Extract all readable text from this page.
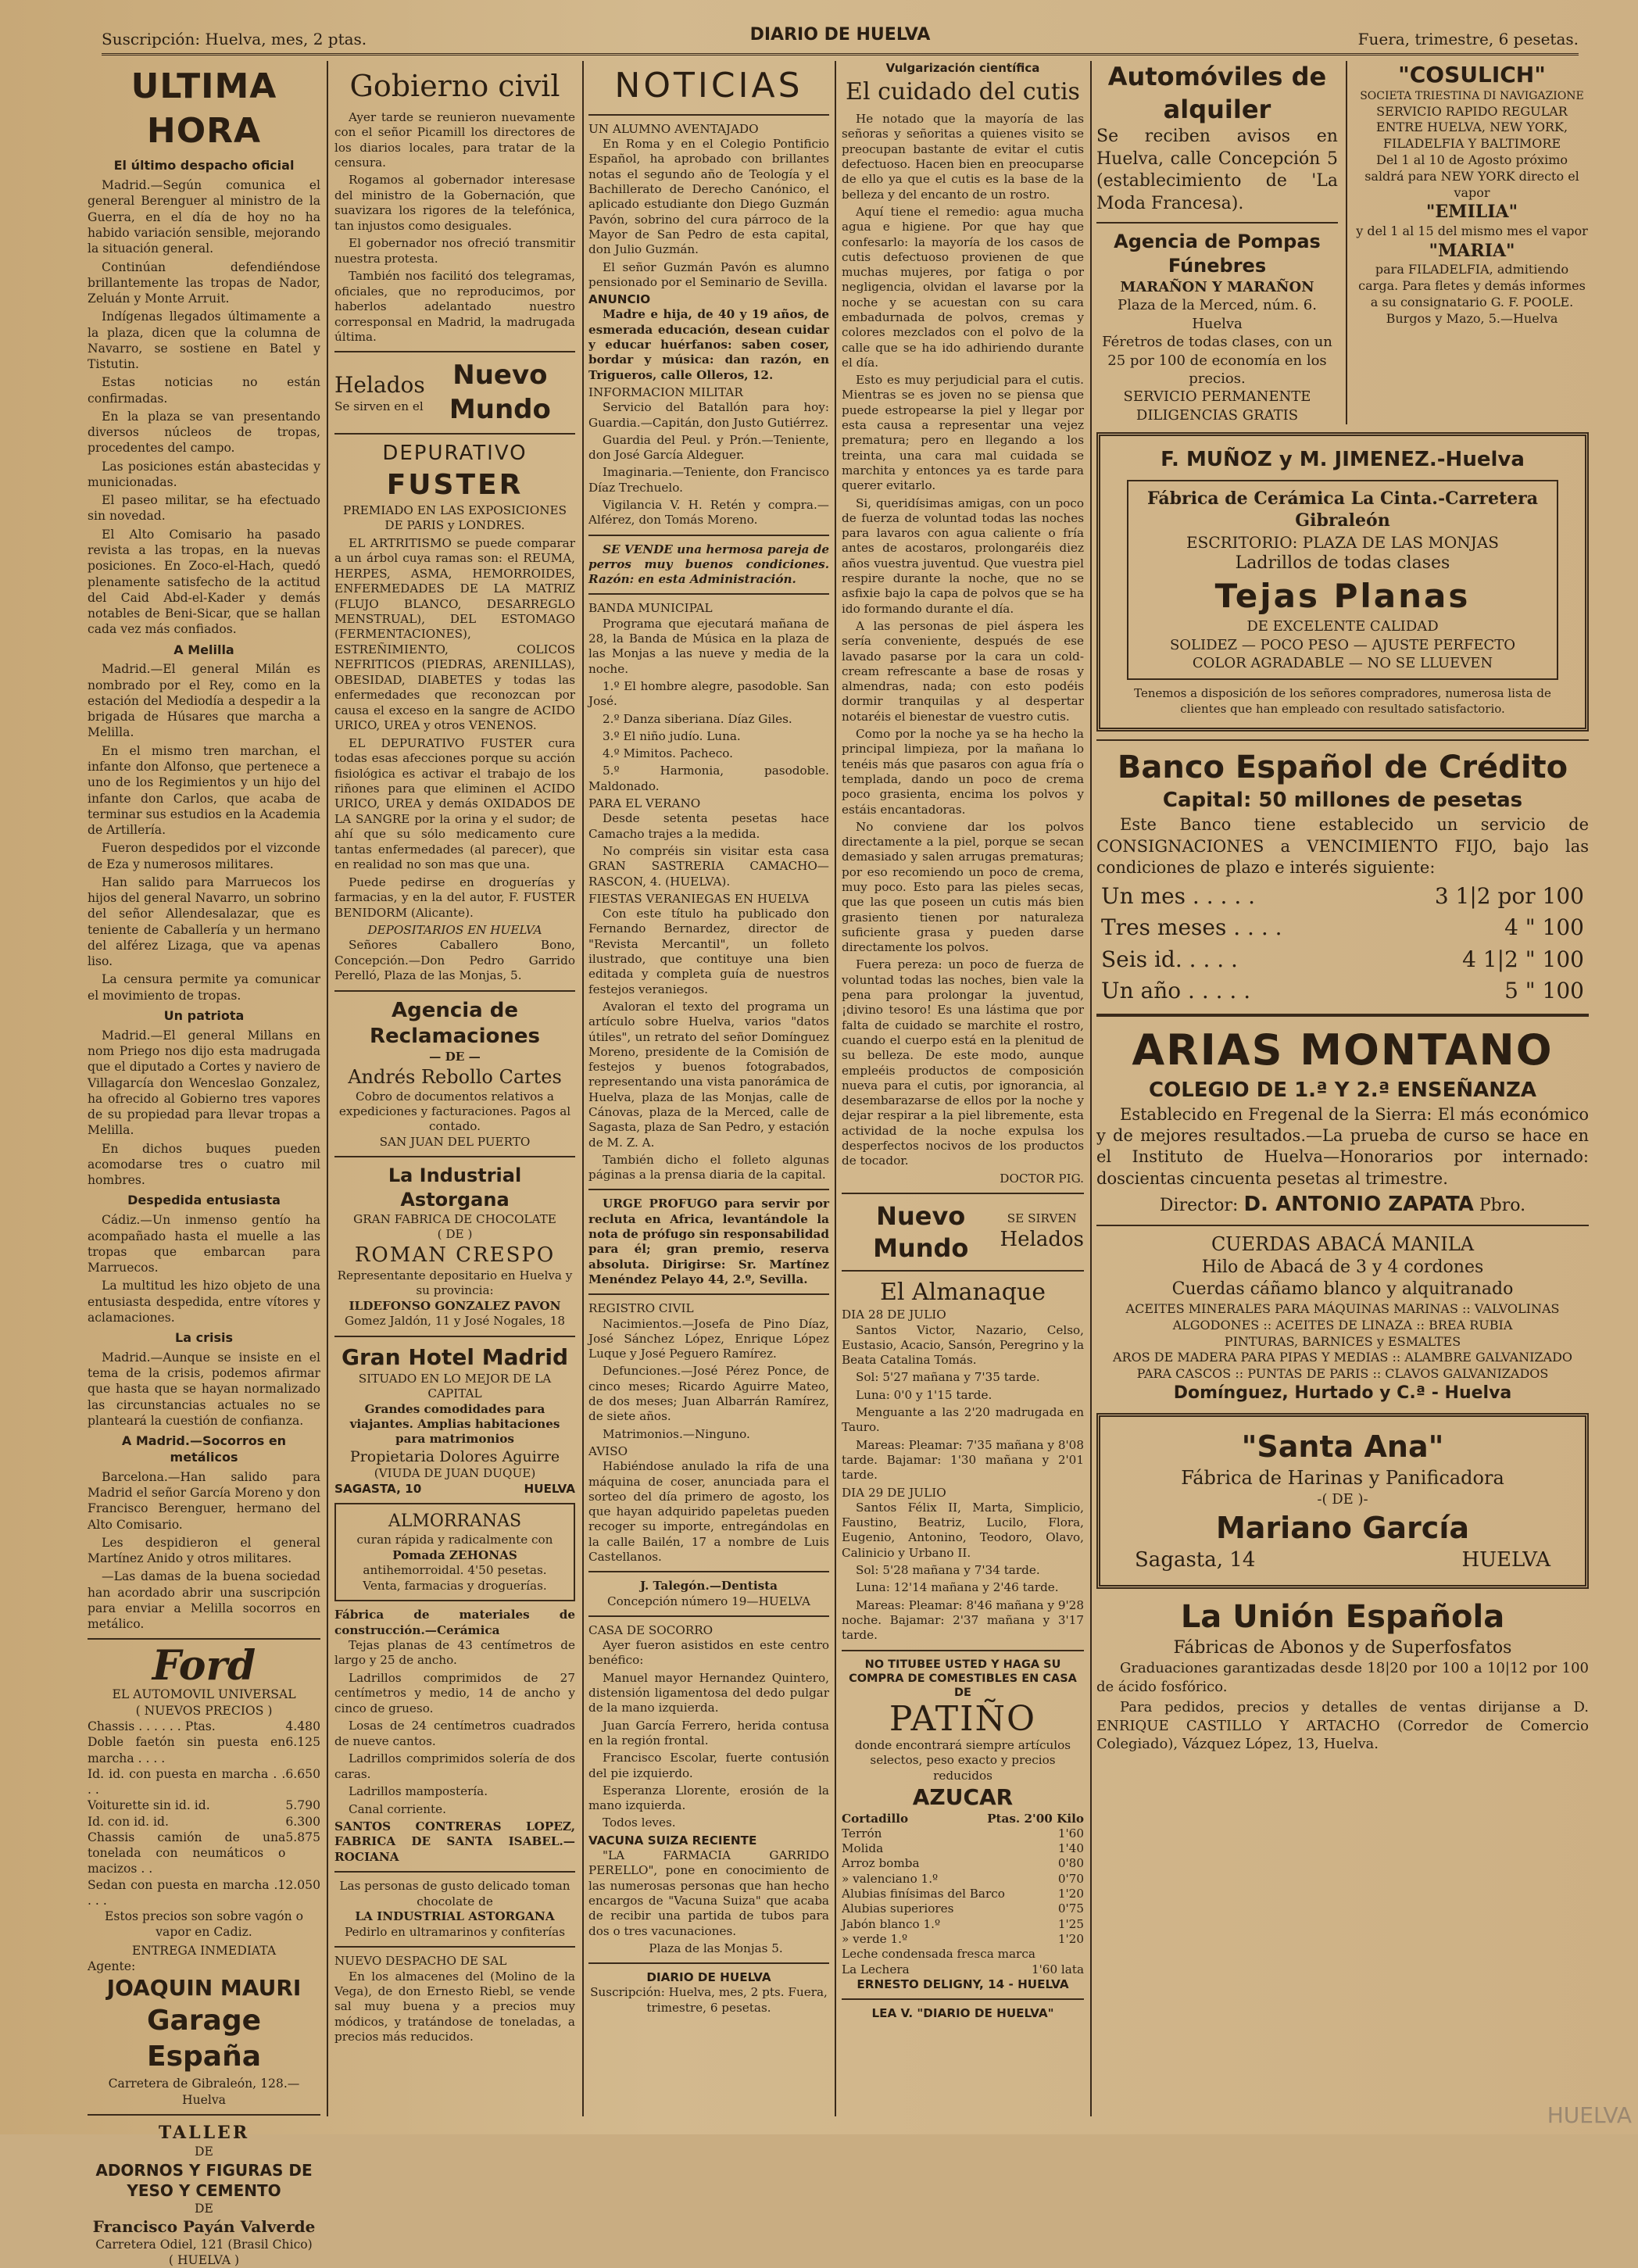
Suscripción: Huelva, mes, 2 ptas.	DIARIO DE HUELVA	Fuera, trimestre, 6 pesetas.
ULTIMA HORA
El último despacho oficial

Madrid.—Según comunica el general Berenguer al ministro de la Guerra, en el día de hoy no ha habido variación sensible, mejorando la situación general.

Continúan defendiéndose brillantemente las tropas de Nador, Zeluán y Monte Arruit.

Indígenas llegados últimamente a la plaza, dicen que la columna de Navarro, se sostiene en Batel y Tistutin.

Estas noticias no están confirmadas.

En la plaza se van presentando diversos núcleos de tropas, procedentes del campo.

Las posiciones están abastecidas y municionadas.

El paseo militar, se ha efectuado sin novedad.

El Alto Comisario ha pasado revista a las tropas, en la nuevas posiciones. En Zoco-el-Hach, quedó plenamente satisfecho de la actitud del Caid Abd-el-Kader y demás notables de Beni-Sicar, que se hallan cada vez más confiados.

A Melilla

Madrid.—El general Milán es nombrado por el Rey, como en la estación del Mediodía a despedir a la brigada de Húsares que marcha a Melilla.

En el mismo tren marchan, el infante don Alfonso, que pertenece a uno de los Regimientos y un hijo del infante don Carlos, que acaba de terminar sus estudios en la Academia de Artillería.

Fueron despedidos por el vizconde de Eza y numerosos militares.

Han salido para Marruecos los hijos del general Navarro, un sobrino del señor Allendesalazar, que es teniente de Caballería y un hermano del alférez Lizaga, que va apenas liso.

La censura permite ya comunicar el movimiento de tropas.

Un patriota

Madrid.—El general Millans en nom Priego nos dijo esta madrugada que el diputado a Cortes y naviero de Villagarcía don Wenceslao Gonzalez, ha ofrecido al Gobierno tres vapores de su propiedad para llevar tropas a Melilla.

En dichos buques pueden acomodarse tres o cuatro mil hombres.

Despedida entusiasta

Cádiz.—Un inmenso gentío ha acompañado hasta el muelle a las tropas que embarcan para Marruecos.

La multitud les hizo objeto de una entusiasta despedida, entre vítores y aclamaciones.

La crisis

Madrid.—Aunque se insiste en el tema de la crisis, podemos afirmar que hasta que se hayan normalizado las circunstancias actuales no se planteará la cuestión de confianza.

A Madrid.—Socorros en metálicos

Barcelona.—Han salido para Madrid el señor García Moreno y don Francisco Berenguer, hermano del Alto Comisario.

Les despidieron el general Martínez Anido y otros militares.

—Las damas de la buena sociedad han acordado abrir una suscripción para enviar a Melilla socorros en metálico.

Ford
EL AUTOMOVIL UNIVERSAL
( NUEVOS PRECIOS )
Chassis . . . . . . Ptas.	4.480
Doble faetón sin puesta en marcha . . . .
6.125
Id. id. con puesta en marcha . . . .
6.650
Voiturette sin id. id.	5.790
Id. con id. id.	6.300
Chassis camión de una tonelada con neumáticos o macizos . .
5.875
Sedan con puesta en marcha . . . .
12.050

Estos precios son sobre vagón o vapor en Cadiz.

ENTREGA INMEDIATA
Agente:
JOAQUIN MAURI
Garage España
Carretera de Gibraleón, 128.—Huelva
TALLER
DE
ADORNOS Y FIGURAS DE YESO Y CEMENTO
DE
Francisco Payán Valverde
Carretera Odiel, 121 (Brasil Chico)
( HUELVA )
Gobierno civil

Ayer tarde se reunieron nuevamente con el señor Picamill los directores de los diarios locales, para tratar de la censura.

Rogamos al gobernador interesase del ministro de la Gobernación, que suavizara los rigores de la telefónica, tan injustos como desiguales.

El gobernador nos ofreció transmitir nuestra protesta.

También nos facilitó dos telegramas, oficiales, que no reproducimos, por haberlos adelantado nuestro corresponsal en Madrid, la madrugada última.

Helados
Se sirven en el
Nuevo Mundo
DEPURATIVO
FUSTER

PREMIADO EN LAS EXPOSICIONES DE PARIS y LONDRES.

EL ARTRITISMO se puede comparar a un árbol cuya ramas son: el REUMA, HERPES, ASMA, HEMORROIDES, ENFERMEDADES DE LA MATRIZ (FLUJO BLANCO, DESARREGLO MENSTRUAL), DEL ESTOMAGO (FERMENTACIONES), ESTREÑIMIENTO, COLICOS NEFRITICOS (PIEDRAS, ARENILLAS), OBESIDAD, DIABETES y todas las enfermedades que reconozcan por causa el exceso en la sangre de ACIDO URICO, UREA y otros VENENOS.

EL DEPURATIVO FUSTER cura todas esas afecciones porque su acción fisiológica es activar el trabajo de los riñones para que eliminen el ACIDO URICO, UREA y demás OXIDADOS DE LA SANGRE por la orina y el sudor; de ahí que su sólo medicamento cure tantas enfermedades (al parecer), que en realidad no son mas que una.

Puede pedirse en droguerías y farmacias, y en la del autor, F. FUSTER BENIDORM (Alicante).

DEPOSITARIOS EN HUELVA

Señores Caballero Bono, Concepción.—Don Pedro Garrido Perelló, Plaza de las Monjas, 5.

Agencia de Reclamaciones
— DE —
Andrés Rebollo Cartes
Cobro de documentos relativos a expediciones y facturaciones. Pagos al contado.
SAN JUAN DEL PUERTO
La Industrial Astorgana
GRAN FABRICA DE CHOCOLATE
( DE )
ROMAN CRESPO
Representante depositario en Huelva y su provincia:
ILDEFONSO GONZALEZ PAVON
Gomez Jaldón, 11 y José Nogales, 18
Gran Hotel Madrid
SITUADO EN LO MEJOR DE LA CAPITAL
Grandes comodidades para viajantes. Amplias habitaciones para matrimonios
Propietaria Dolores Aguirre
(VIUDA DE JUAN DUQUE)
SAGASTA, 10	HUELVA
ALMORRANAS
curan rápida y radicalmente con
Pomada ZEHONAS
antihemorroidal. 4'50 pesetas. Venta, farmacias y droguerías.
Fábrica de materiales de construcción.—Cerámica

Tejas planas de 43 centímetros de largo y 25 de ancho.

Ladrillos comprimidos de 27 centímetros y medio, 14 de ancho y cinco de grueso.

Losas de 24 centímetros cuadrados de nueve cantos.

Ladrillos comprimidos solería de dos caras.

Ladrillos mampostería.

Canal corriente.

SANTOS CONTRERAS LOPEZ, FABRICA DE SANTA ISABEL.—ROCIANA
Las personas de gusto delicado toman chocolate de
LA INDUSTRIAL ASTORGANA
Pedirlo en ultramarinos y confiterías
NUEVO DESPACHO DE SAL

En los almacenes del (Molino de la Vega), de don Ernesto Riebl, se vende sal muy buena y a precios muy módicos, y tratándose de toneladas, a precios más reducidos.

NOTICIAS
UN ALUMNO AVENTAJADO

En Roma y en el Colegio Pontificio Español, ha aprobado con brillantes notas el segundo año de Teología y el Bachillerato de Derecho Canónico, el aplicado estudiante don Diego Guzmán Pavón, sobrino del cura párroco de la Mayor de San Pedro de esta capital, don Julio Guzmán.

El señor Guzmán Pavón es alumno pensionado por el Seminario de Sevilla.

ANUNCIO

Madre e hija, de 40 y 19 años, de esmerada educación, desean cuidar y educar huérfanos: saben coser, bordar y música: dan razón, en Trigueros, calle Olleros, 12.

INFORMACION MILITAR

Servicio del Batallón para hoy: Guardia.—Capitán, don Justo Gutiérrez.

Guardia del Peul. y Prón.—Teniente, don José García Aldeguer.

Imaginaria.—Teniente, don Francisco Díaz Trechuelo.

Vigilancia V. H. Retén y compra.—Alférez, don Tomás Moreno.

SE VENDE una hermosa pareja de perros muy buenos condiciones. Razón: en esta Administración.

BANDA MUNICIPAL

Programa que ejecutará mañana de 28, la Banda de Música en la plaza de las Monjas a las nueve y media de la noche.

1.º El hombre alegre, pasodoble. San José.

2.º Danza siberiana. Díaz Giles.

3.º El niño judío. Luna.

4.º Mimitos. Pacheco.

5.º Harmonia, pasodoble. Maldonado.

PARA EL VERANO

Desde setenta pesetas hace Camacho trajes a la medida.

No compréis sin visitar esta casa GRAN SASTRERIA CAMACHO—RASCON, 4. (HUELVA).

FIESTAS VERANIEGAS EN HUELVA

Con este título ha publicado don Fernando Bernardez, director de "Revista Mercantil", un folleto ilustrado, que contituye una bien editada y completa guía de nuestros festejos veraniegos.

Avaloran el texto del programa un artículo sobre Huelva, varios "datos útiles", un retrato del señor Domínguez Moreno, presidente de la Comisión de festejos y buenos fotograbados, representando una vista panorámica de Huelva, plaza de las Monjas, calle de Cánovas, plaza de la Merced, calle de Sagasta, plaza de San Pedro, y estación de M. Z. A.

También dicho el folleto algunas páginas a la prensa diaria de la capital.

URGE PROFUGO para servir por recluta en Africa, levantándole la nota de prófugo sin responsabilidad para él; gran premio, reserva absoluta. Dirigirse: Sr. Martínez Menéndez Pelayo 44, 2.º, Sevilla.

REGISTRO CIVIL

Nacimientos.—Josefa de Pino Díaz, José Sánchez López, Enrique López Luque y José Peguero Ramírez.

Defunciones.—José Pérez Ponce, de cinco meses; Ricardo Aguirre Mateo, de dos meses; Juan Albarrán Ramírez, de siete años.

Matrimonios.—Ninguno.

AVISO

Habiéndose anulado la rifa de una máquina de coser, anunciada para el sorteo del día primero de agosto, los que hayan adquirido papeletas pueden recoger su importe, entregándolas en la calle Bailén, 17 a nombre de Luis Castellanos.

J. Talegón.—Dentista
Concepción número 19—HUELVA
CASA DE SOCORRO

Ayer fueron asistidos en este centro benéfico:

Manuel mayor Hernandez Quintero, distensión ligamentosa del dedo pulgar de la mano izquierda.

Juan García Ferrero, herida contusa en la región frontal.

Francisco Escolar, fuerte contusión del pie izquierdo.

Esperanza Llorente, erosión de la mano izquierda.

Todos leves.

VACUNA SUIZA RECIENTE

"LA FARMACIA GARRIDO PERELLO", pone en conocimiento de las numerosas personas que han hecho encargos de "Vacuna Suiza" que acaba de recibir una partida de tubos para dos o tres vacunaciones.

Plaza de las Monjas 5.

DIARIO DE HUELVA
Suscripción: Huelva, mes, 2 pts. Fuera, trimestre, 6 pesetas.
Vulgarización científica
El cuidado del cutis

He notado que la mayoría de las señoras y señoritas a quienes visito se preocupan bastante de evitar el cutis defectuoso. Hacen bien en preocuparse de ello ya que el cutis es la base de la belleza y del encanto de un rostro.

Aquí tiene el remedio: agua mucha agua e higiene. Por que hay que confesarlo: la mayoría de los casos de cutis defectuoso provienen de que muchas mujeres, por fatiga o por negligencia, olvidan el lavarse por la noche y se acuestan con su cara embadurnada de polvos, cremas y colores mezclados con el polvo de la calle que se ha ido adhiriendo durante el día.

Esto es muy perjudicial para el cutis. Mientras se es joven no se piensa que puede estropearse la piel y llegar por esta causa a representar una vejez prematura; pero en llegando a los treinta, una cara mal cuidada se marchita y entonces ya es tarde para querer evitarlo.

Si, queridísimas amigas, con un poco de fuerza de voluntad todas las noches para lavaros con agua caliente o fría antes de acostaros, prolongaréis diez años vuestra juventud. Que vuestra piel respire durante la noche, que no se asfixie bajo la capa de polvos que se ha ido formando durante el día.

A las personas de piel áspera les sería conveniente, después de ese lavado pasarse por la cara un cold-cream refrescante a base de rosas y almendras, nada; con esto podéis dormir tranquilas y al despertar notaréis el bienestar de vuestro cutis.

Como por la noche ya se ha hecho la principal limpieza, por la mañana lo tenéis más que pasaros con agua fría o templada, dando un poco de crema poco grasienta, encima los polvos y estáis encantadoras.

No conviene dar los polvos directamente a la piel, porque se secan demasiado y salen arrugas prematuras; por eso recomiendo un poco de crema, muy poco. Esto para las pieles secas, que las que poseen un cutis más bien grasiento tienen por naturaleza suficiente grasa y pueden darse directamente los polvos.

Fuera pereza: un poco de fuerza de voluntad todas las noches, bien vale la pena para prolongar la juventud, ¡divino tesoro! Es una lástima que por falta de cuidado se marchite el rostro, cuando el cuerpo está en la plenitud de su belleza. De este modo, aunque empleéis productos de composición nueva para el cutis, por ignorancia, al desembarazarse de ellos por la noche y dejar respirar a la piel libremente, esta actividad de la noche expulsa los desperfectos nocivos de los productos de tocador.

DOCTOR PIG.
Nuevo Mundo
SE SIRVEN
Helados
El Almanaque
DIA 28 DE JULIO

Santos Victor, Nazario, Celso, Eustasio, Acacio, Sansón, Peregrino y la Beata Catalina Tomás.

Sol: 5'27 mañana y 7'35 tarde.

Luna: 0'0 y 1'15 tarde.

Menguante a las 2'20 madrugada en Tauro.

Mareas: Pleamar: 7'35 mañana y 8'08 tarde. Bajamar: 1'30 mañana y 2'01 tarde.

DIA 29 DE JULIO

Santos Félix II, Marta, Simplicio, Faustino, Beatriz, Lucilo, Flora, Eugenio, Antonino, Teodoro, Olavo, Calinicio y Urbano II.

Sol: 5'28 mañana y 7'34 tarde.

Luna: 12'14 mañana y 2'46 tarde.

Mareas: Pleamar: 8'46 mañana y 9'28 noche. Bajamar: 2'37 mañana y 3'17 tarde.

NO TITUBEE USTED Y HAGA SU COMPRA DE COMESTIBLES EN CASA DE
PATIÑO
donde encontrará siempre artículos selectos, peso exacto y precios reducidos
AZUCAR
Cortadillo	Ptas. 2'00 Kilo
Terrón	1'60
Molida	1'40
Arroz bomba	0'80
» valenciano 1.º	0'70
Alubias finísimas del Barco	1'20
Alubias superiores	0'75
Jabón blanco 1.º	1'25
» verde 1.º	1'20
Leche condensada fresca marca
La Lechera	1'60 lata
ERNESTO DELIGNY, 14 - HUELVA
LEA V. "DIARIO DE HUELVA"
Automóviles de alquiler

Se reciben avisos en Huelva, calle Concepción 5 (establecimiento de 'La Moda Francesa).

Agencia de Pompas Fúnebres
MARAÑON Y MARAÑON
Plaza de la Merced, núm. 6. Huelva
Féretros de todas clases, con un 25 por 100 de economía en los precios.
SERVICIO PERMANENTE
DILIGENCIAS GRATIS
"COSULICH"
SOCIETA TRIESTINA DI NAVIGAZIONE
SERVICIO RAPIDO REGULAR ENTRE HUELVA, NEW YORK, FILADELFIA Y BALTIMORE
Del 1 al 10 de Agosto próximo saldrá para NEW YORK directo el vapor
"EMILIA"
y del 1 al 15 del mismo mes el vapor
"MARIA"
para FILADELFIA, admitiendo carga. Para fletes y demás informes a su consignatario G. F. POOLE. Burgos y Mazo, 5.—Huelva
F. MUÑOZ y M. JIMENEZ.-Huelva
Fábrica de Cerámica La Cinta.-Carretera Gibraleón
ESCRITORIO: PLAZA DE LAS MONJAS
Ladrillos de todas clases
Tejas Planas
DE EXCELENTE CALIDAD
SOLIDEZ — POCO PESO — AJUSTE PERFECTO
COLOR AGRADABLE — NO SE LLUEVEN
Tenemos a disposición de los señores compradores, numerosa lista de clientes que han empleado con resultado satisfactorio.
Banco Español de Crédito
Capital: 50 millones de pesetas

Este Banco tiene establecido un servicio de CONSIGNACIONES a VENCIMIENTO FIJO, bajo las condiciones de plazo e interés siguiente:

Un mes . . . . .	3 1|2 por 100
Tres meses . . . .	4 " 100
Seis id. . . . .	4 1|2 " 100
Un año . . . . .	5 " 100
ARIAS MONTANO
COLEGIO DE 1.ª Y 2.ª ENSEÑANZA

Establecido en Fregenal de la Sierra: El más económico y de mejores resultados.—La prueba de curso se hace en el Instituto de Huelva—Honorarios por internado: doscientas cincuenta pesetas al trimestre.

Director: D. ANTONIO ZAPATA Pbro.
CUERDAS ABACÁ MANILA
Hilo de Abacá de 3 y 4 cordones
Cuerdas cáñamo blanco y alquitranado
ACEITES MINERALES PARA MÁQUINAS MARINAS :: VALVOLINAS
ALGODONES :: ACEITES DE LINAZA :: BREA RUBIA
PINTURAS, BARNICES y ESMALTES
AROS DE MADERA PARA PIPAS Y MEDIAS :: ALAMBRE GALVANIZADO PARA CASCOS :: PUNTAS DE PARIS :: CLAVOS GALVANIZADOS
Domínguez, Hurtado y C.ª - Huelva
"Santa Ana"
Fábrica de Harinas y Panificadora
-( DE )-
Mariano García
Sagasta, 14	HUELVA
La Unión Española
Fábricas de Abonos y de Superfosfatos

Graduaciones garantizadas desde 18|20 por 100 a 10|12 por 100 de ácido fosfórico.

Para pedidos, precios y detalles de ventas dirijanse a D. ENRIQUE CASTILLO Y ARTACHO (Corredor de Comercio Colegiado), Vázquez López, 13, Huelva.

HUELVA
